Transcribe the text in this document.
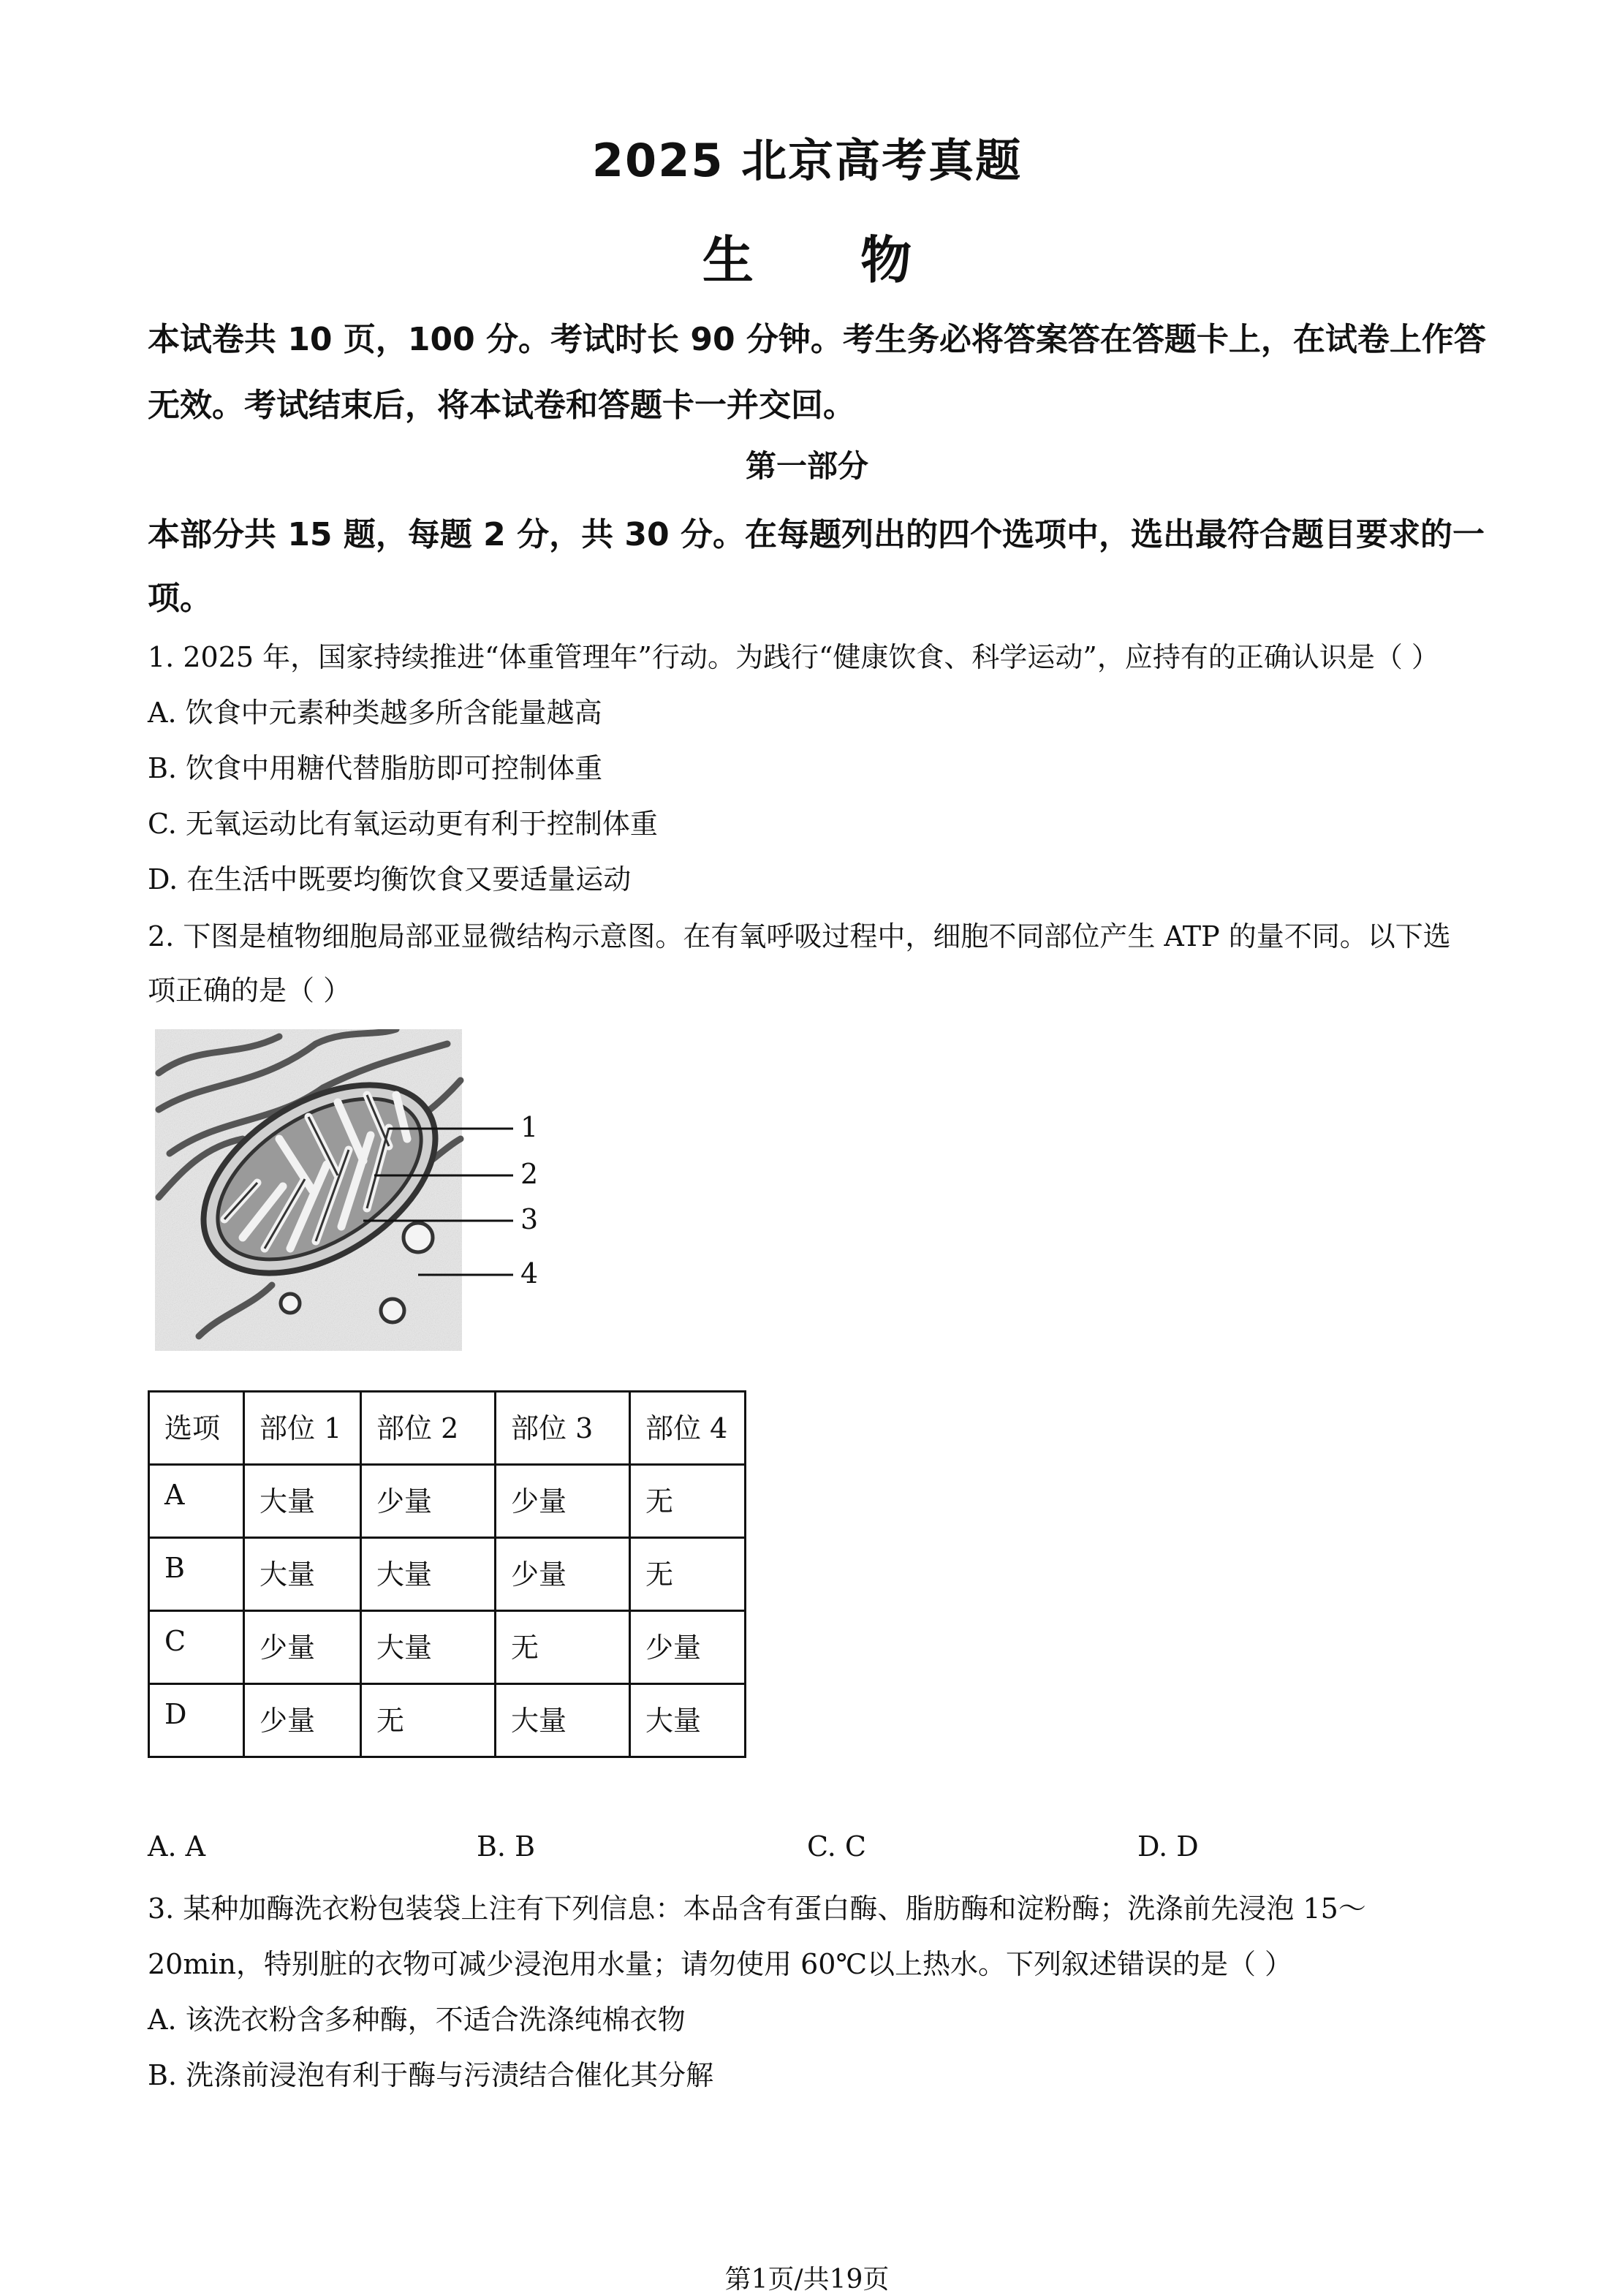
2025 北京高考真题
生      物
本试卷共 10 页，100 分。考试时长 90 分钟。考生务必将答案答在答题卡上，在试卷上作答
无效。考试结束后，将本试卷和答题卡一并交回。
第一部分
本部分共 15 题，每题 2 分，共 30 分。在每题列出的四个选项中，选出最符合题目要求的一
项。
1. 2025 年，国家持续推进“体重管理年”行动。为践行“健康饮食、科学运动”，应持有的正确认识是（ ）
A. 饮食中元素种类越多所含能量越高
B. 饮食中用糖代替脂肪即可控制体重
C. 无氧运动比有氧运动更有利于控制体重
D. 在生活中既要均衡饮食又要适量运动
2. 下图是植物细胞局部亚显微结构示意图。在有氧呼吸过程中，细胞不同部位产生 ATP 的量不同。以下选
项正确的是（ ）
1
2
3
4
选项	部位 1	部位 2	部位 3	部位 4
A	大量	少量	少量	无
B	大量	大量	少量	无
C	少量	大量	无	少量
D	少量	无	大量	大量
A. A	B. B	C. C	D. D
3. 某种加酶洗衣粉包装袋上注有下列信息：本品含有蛋白酶、脂肪酶和淀粉酶；洗涤前先浸泡 15～
20min，特别脏的衣物可减少浸泡用水量；请勿使用 60℃以上热水。下列叙述错误的是（ ）
A. 该洗衣粉含多种酶，不适合洗涤纯棉衣物
B. 洗涤前浸泡有利于酶与污渍结合催化其分解
第1页/共19页
